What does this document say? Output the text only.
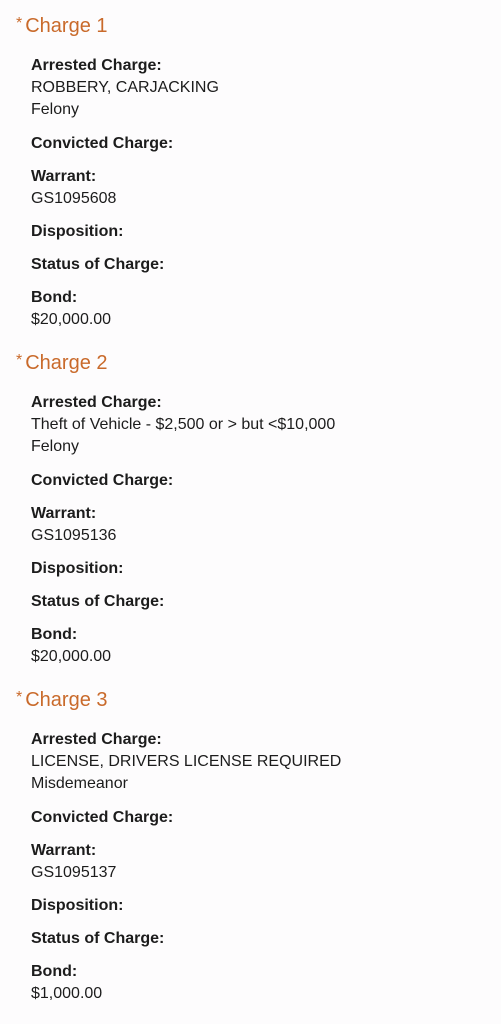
* Charge 1
Arrested Charge:
ROBBERY, CARJACKING
Felony
Convicted Charge:
Warrant:
GS1095608
Disposition:
Status of Charge:
Bond:
$20,000.00
* Charge 2
Arrested Charge:
Theft of Vehicle - $2,500 or > but <$10,000
Felony
Convicted Charge:
Warrant:
GS1095136
Disposition:
Status of Charge:
Bond:
$20,000.00
* Charge 3
Arrested Charge:
LICENSE, DRIVERS LICENSE REQUIRED
Misdemeanor
Convicted Charge:
Warrant:
GS1095137
Disposition:
Status of Charge:
Bond:
$1,000.00
